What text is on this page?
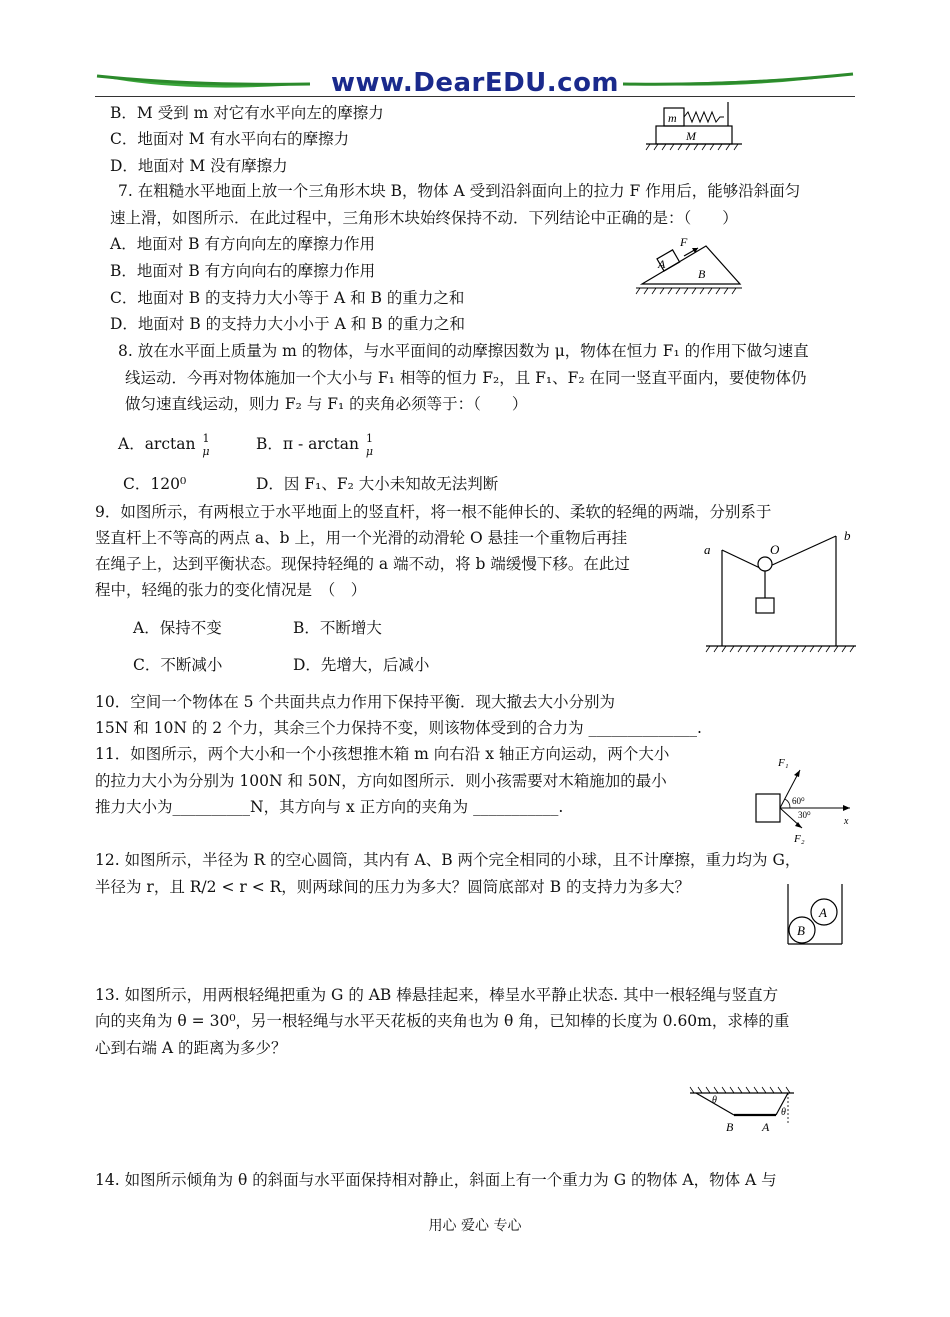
www.DearEDU.com
B．M 受到 m 对它有水平向左的摩擦力
C．地面对 M 有水平向右的摩擦力
D．地面对 M 没有摩擦力
m
M
7. 在粗糙水平地面上放一个三角形木块 B，物体 A 受到沿斜面向上的拉力 F 作用后，能够沿斜面匀
速上滑，如图所示．在此过程中，三角形木块始终保持不动．下列结论中正确的是：（　　）
A．地面对 B 有方向向左的摩擦力作用
B．地面对 B 有方向向右的摩擦力作用
C．地面对 B 的支持力大小等于 A 和 B 的重力之和
D．地面对 B 的支持力大小小于 A 和 B 的重力之和
F
A
B
8. 放在水平面上质量为 m 的物体，与水平面间的动摩擦因数为 μ，物体在恒力 F₁ 的作用下做匀速直
线运动．今再对物体施加一个大小与 F₁ 相等的恒力 F₂，且 F₁、F₂ 在同一竖直平面内，要使物体仍
做匀速直线运动，则力 F₂ 与 F₁ 的夹角必须等于：（　　）
A．arctan 1
μ	B．π - arctan 1
μ
C．120⁰	D．因 F₁、F₂ 大小未知故无法判断
9．如图所示，有两根立于水平地面上的竖直杆，将一根不能伸长的、柔软的轻绳的两端，分别系于
竖直杆上不等高的两点 a、b 上，用一个光滑的动滑轮 O 悬挂一个重物后再挂
在绳子上，达到平衡状态。现保持轻绳的 a 端不动，将 b 端缓慢下移。在此过
程中，轻绳的张力的变化情况是　（　）
A．保持不变	B．不断增大
C．不断减小	D．先增大，后减小
a
b
O
10．空间一个物体在 5 个共面共点力作用下保持平衡．现大撤去大小分别为
15N 和 10N 的 2 个力，其余三个力保持不变，则该物体受到的合力为 ______________.
11．如图所示，两个大小和一个小孩想推木箱 m 向右沿 x 轴正方向运动，两个大小
的拉力大小为分别为 100N 和 50N，方向如图所示．则小孩需要对木箱施加的最小
推力大小为__________N，其方向与 x 正方向的夹角为 ___________.
F₁
60⁰
30⁰
F₂
x
12. 如图所示，半径为 R 的空心圆筒，其内有 A、B 两个完全相同的小球，且不计摩擦，重力均为 G，
半径为 r，且 R/2 < r < R，则两球间的压力为多大？圆筒底部对 B 的支持力为多大？
B
A
13. 如图所示，用两根轻绳把重为 G 的 AB 棒悬挂起来，棒呈水平静止状态. 其中一根轻绳与竖直方
向的夹角为 θ = 30⁰，另一根轻绳与水平天花板的夹角也为 θ 角，已知棒的长度为 0.60m，求棒的重
心到右端 A 的距离为多少？
θ
θ
B A
14. 如图所示倾角为 θ 的斜面与水平面保持相对静止，斜面上有一个重力为 G 的物体 A，物体 A 与
用心 爱心 专心
